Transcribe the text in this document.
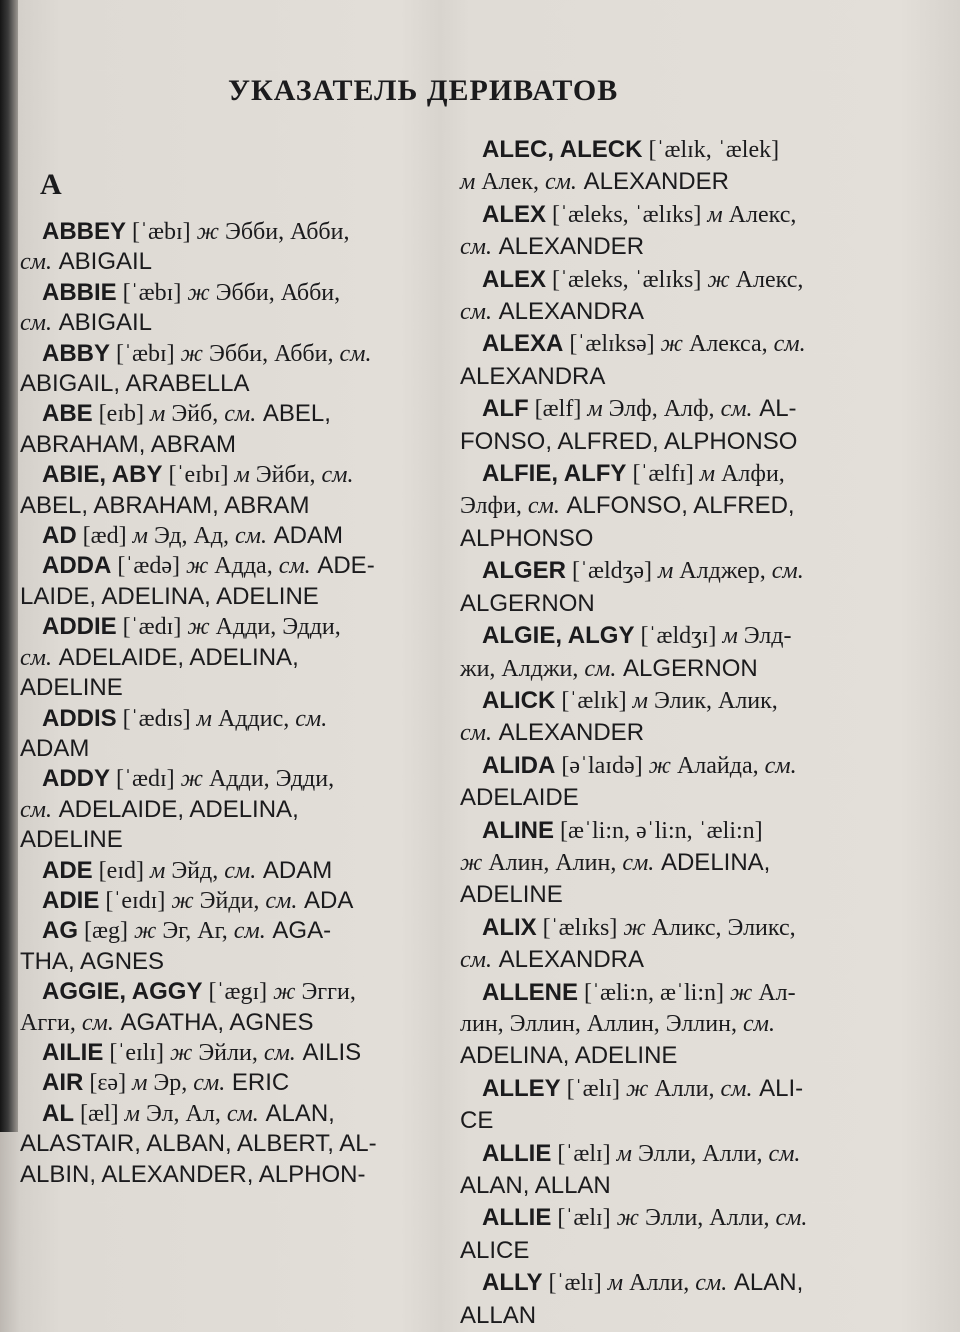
УКАЗАТЕЛЬ ДЕРИВАТОВ
А
ABBEY [ˈæbɪ] ж Эбби, Абби,
см. ABIGAIL
ABBIE [ˈæbɪ] ж Эбби, Абби,
см. ABIGAIL
ABBY [ˈæbɪ] ж Эбби, Абби, см.
ABIGAIL, ARABELLA
ABE [eɪb] м Эйб, см. ABEL,
ABRAHAM, ABRAM
ABIE, ABY [ˈeɪbɪ] м Эйби, см.
ABEL, ABRAHAM, ABRAM
AD [æd] м Эд, Ад, см. ADAM
ADDA [ˈædə] ж Адда, см. ADE-
LAIDE, ADELINA, ADELINE
ADDIE [ˈædɪ] ж Адди, Эдди,
см. ADELAIDE, ADELINA,
ADELINE
ADDIS [ˈædɪs] м Аддис, см.
ADAM
ADDY [ˈædɪ] ж Адди, Эдди,
см. ADELAIDE, ADELINA,
ADELINE
ADE [eɪd] м Эйд, см. ADAM
ADIE [ˈeɪdɪ] ж Эйди, см. ADA
AG [æg] ж Эг, Аг, см. AGA-
THA, AGNES
AGGIE, AGGY [ˈægɪ] ж Эгги,
Агги, см. AGATHA, AGNES
AILIE [ˈeɪlɪ] ж Эйли, см. AILIS
AIR [ɛə] м Эр, см. ERIC
AL [æl] м Эл, Ал, см. ALAN,
ALASTAIR, ALBAN, ALBERT, AL-
ALBIN, ALEXANDER, ALPHON-
ALEC, ALECK [ˈælɪk, ˈælek]
м Алек, см. ALEXANDER
ALEX [ˈæleks, ˈælɪks] м Алекс,
см. ALEXANDER
ALEX [ˈæleks, ˈælɪks] ж Алекс,
см. ALEXANDRA
ALEXA [ˈælɪksə] ж Алекса, см.
ALEXANDRA
ALF [ælf] м Элф, Алф, см. AL-
FONSO, ALFRED, ALPHONSO
ALFIE, ALFY [ˈælfɪ] м Алфи,
Элфи, см. ALFONSO, ALFRED,
ALPHONSO
ALGER [ˈældʒə] м Алджер, см.
ALGERNON
ALGIE, ALGY [ˈældʒɪ] м Элд-
жи, Алджи, см. ALGERNON
ALICK [ˈælɪk] м Элик, Алик,
см. ALEXANDER
ALIDA [əˈlaɪdə] ж Алайда, см.
ADELAIDE
ALINE [æˈli:n, əˈli:n, ˈæli:n]
ж Алин, Алин, см. ADELINA,
ADELINE
ALIX [ˈælɪks] ж Аликс, Эликс,
см. ALEXANDRA
ALLENE [ˈæli:n, æˈli:n] ж Ал-
лин, Эллин, Аллин, Эллин, см.
ADELINA, ADELINE
ALLEY [ˈælɪ] ж Алли, см. ALI-
CE
ALLIE [ˈælɪ] м Элли, Алли, см.
ALAN, ALLAN
ALLIE [ˈælɪ] ж Элли, Алли, см.
ALICE
ALLY [ˈælɪ] м Алли, см. ALAN,
ALLAN
